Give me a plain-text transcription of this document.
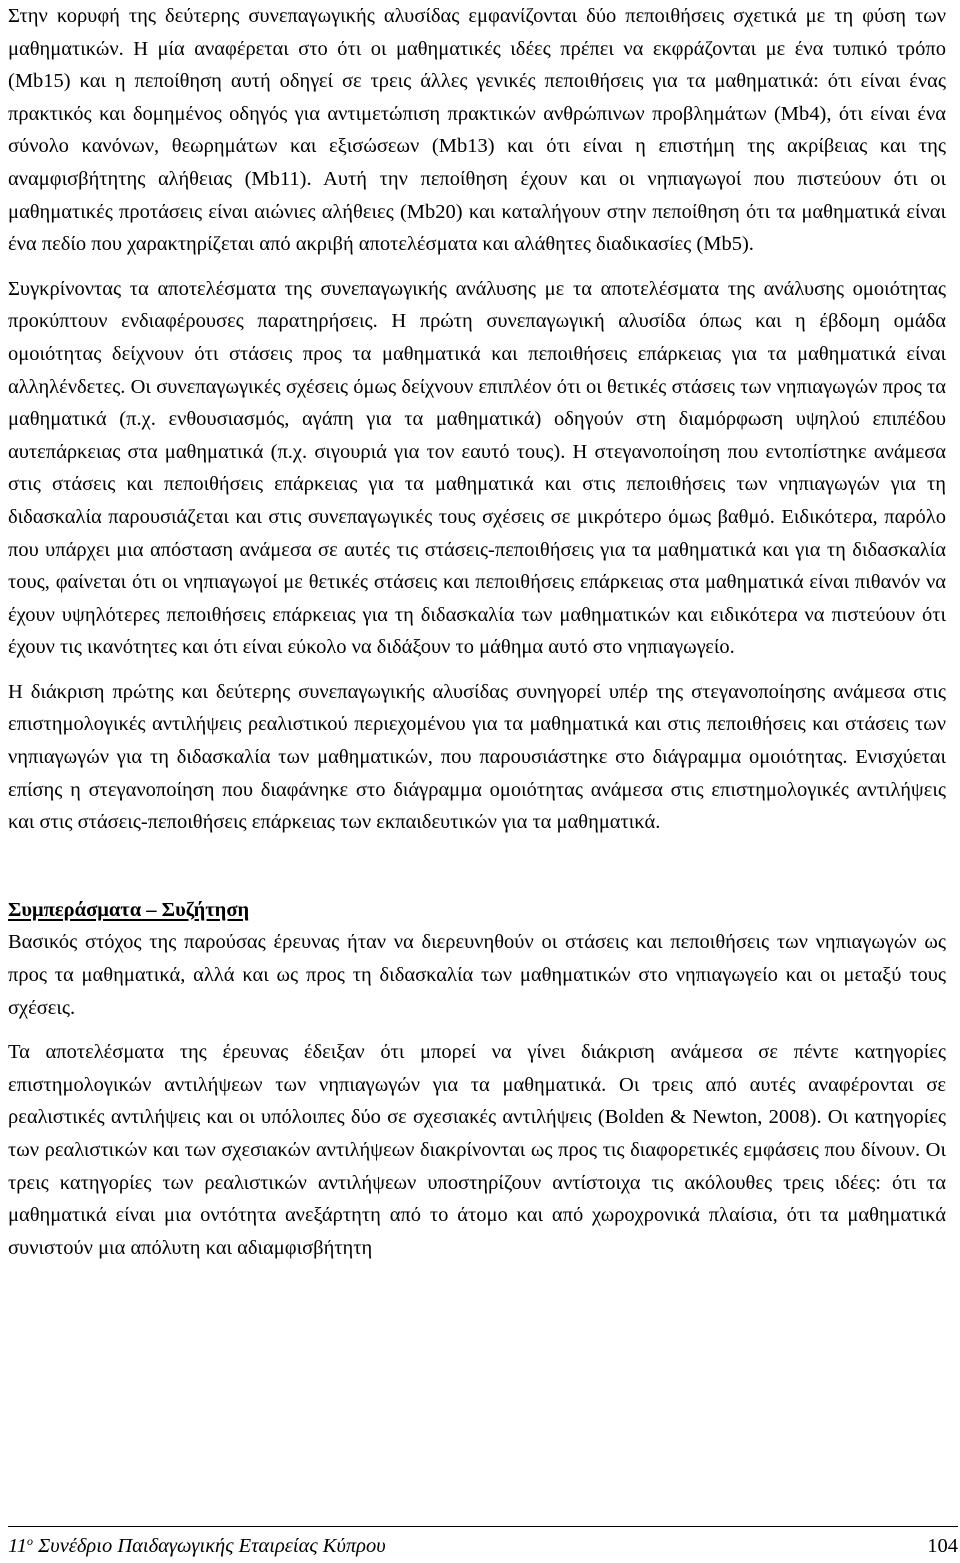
Στην κορυφή της δεύτερης συνεπαγωγικής αλυσίδας εμφανίζονται δύο πεποιθήσεις σχετικά με τη φύση των μαθηματικών. Η μία αναφέρεται στο ότι οι μαθηματικές ιδέες πρέπει να εκφράζονται με ένα τυπικό τρόπο (Mb15) και η πεποίθηση αυτή οδηγεί σε τρεις άλλες γενικές πεποιθήσεις για τα μαθηματικά: ότι είναι ένας πρακτικός και δομημένος οδηγός για αντιμετώπιση πρακτικών ανθρώπινων προβλημάτων (Mb4), ότι είναι ένα σύνολο κανόνων, θεωρημάτων και εξισώσεων (Mb13) και ότι είναι η επιστήμη της ακρίβειας και της αναμφισβήτητης αλήθειας (Mb11). Αυτή την πεποίθηση έχουν και οι νηπιαγωγοί που πιστεύουν ότι οι μαθηματικές προτάσεις είναι αιώνιες αλήθειες (Mb20) και καταλήγουν στην πεποίθηση ότι τα μαθηματικά είναι ένα πεδίο που χαρακτηρίζεται από ακριβή αποτελέσματα και αλάθητες διαδικασίες (Mb5).

Συγκρίνοντας τα αποτελέσματα της συνεπαγωγικής ανάλυσης με τα αποτελέσματα της ανάλυσης ομοιότητας προκύπτουν ενδιαφέρουσες παρατηρήσεις. Η πρώτη συνεπαγωγική αλυσίδα όπως και η έβδομη ομάδα ομοιότητας δείχνουν ότι στάσεις προς τα μαθηματικά και πεποιθήσεις επάρκειας για τα μαθηματικά είναι αλληλένδετες. Οι συνεπαγωγικές σχέσεις όμως δείχνουν επιπλέον ότι οι θετικές στάσεις των νηπιαγωγών προς τα μαθηματικά (π.χ. ενθουσιασμός, αγάπη για τα μαθηματικά) οδηγούν στη διαμόρφωση υψηλού επιπέδου αυτεπάρκειας στα μαθηματικά (π.χ. σιγουριά για τον εαυτό τους). Η στεγανοποίηση που εντοπίστηκε ανάμεσα στις στάσεις και πεποιθήσεις επάρκειας για τα μαθηματικά και στις πεποιθήσεις των νηπιαγωγών για τη διδασκαλία παρουσιάζεται και στις συνεπαγωγικές τους σχέσεις σε μικρότερο όμως βαθμό. Ειδικότερα, παρόλο που υπάρχει μια απόσταση ανάμεσα σε αυτές τις στάσεις-πεποιθήσεις για τα μαθηματικά και για τη διδασκαλία τους, φαίνεται ότι οι νηπιαγωγοί με θετικές στάσεις και πεποιθήσεις επάρκειας στα μαθηματικά είναι πιθανόν να έχουν υψηλότερες πεποιθήσεις επάρκειας για τη διδασκαλία των μαθηματικών και ειδικότερα να πιστεύουν ότι έχουν τις ικανότητες και ότι είναι εύκολο να διδάξουν το μάθημα αυτό στο νηπιαγωγείο.

Η διάκριση πρώτης και δεύτερης συνεπαγωγικής αλυσίδας συνηγορεί υπέρ της στεγανοποίησης ανάμεσα στις επιστημολογικές αντιλήψεις ρεαλιστικού περιεχομένου για τα μαθηματικά και στις πεποιθήσεις και στάσεις των νηπιαγωγών για τη διδασκαλία των μαθηματικών, που παρουσιάστηκε στο διάγραμμα ομοιότητας. Ενισχύεται επίσης η στεγανοποίηση που διαφάνηκε στο διάγραμμα ομοιότητας ανάμεσα στις επιστημολογικές αντιλήψεις και στις στάσεις-πεποιθήσεις επάρκειας των εκπαιδευτικών για τα μαθηματικά.

Συμπεράσματα – Συζήτηση

Βασικός στόχος της παρούσας έρευνας ήταν να διερευνηθούν οι στάσεις και πεποιθήσεις των νηπιαγωγών ως προς τα μαθηματικά, αλλά και ως προς τη διδασκαλία των μαθηματικών στο νηπιαγωγείο και οι μεταξύ τους σχέσεις.

Τα αποτελέσματα της έρευνας έδειξαν ότι μπορεί να γίνει διάκριση ανάμεσα σε πέντε κατηγορίες επιστημολογικών αντιλήψεων των νηπιαγωγών για τα μαθηματικά. Οι τρεις από αυτές αναφέρονται σε ρεαλιστικές αντιλήψεις και οι υπόλοιπες δύο σε σχεσιακές αντιλήψεις (Bolden & Newton, 2008). Οι κατηγορίες των ρεαλιστικών και των σχεσιακών αντιλήψεων διακρίνονται ως προς τις διαφορετικές εμφάσεις που δίνουν. Οι τρεις κατηγορίες των ρεαλιστικών αντιλήψεων υποστηρίζουν αντίστοιχα τις ακόλουθες τρεις ιδέες: ότι τα μαθηματικά είναι μια οντότητα ανεξάρτητη από το άτομο και από χωροχρονικά πλαίσια, ότι τα μαθηματικά συνιστούν μια απόλυτη και αδιαμφισβήτητη

$11^o$ Συνέδριο Παιδαγωγικής Εταιρείας Κύπρου	104
